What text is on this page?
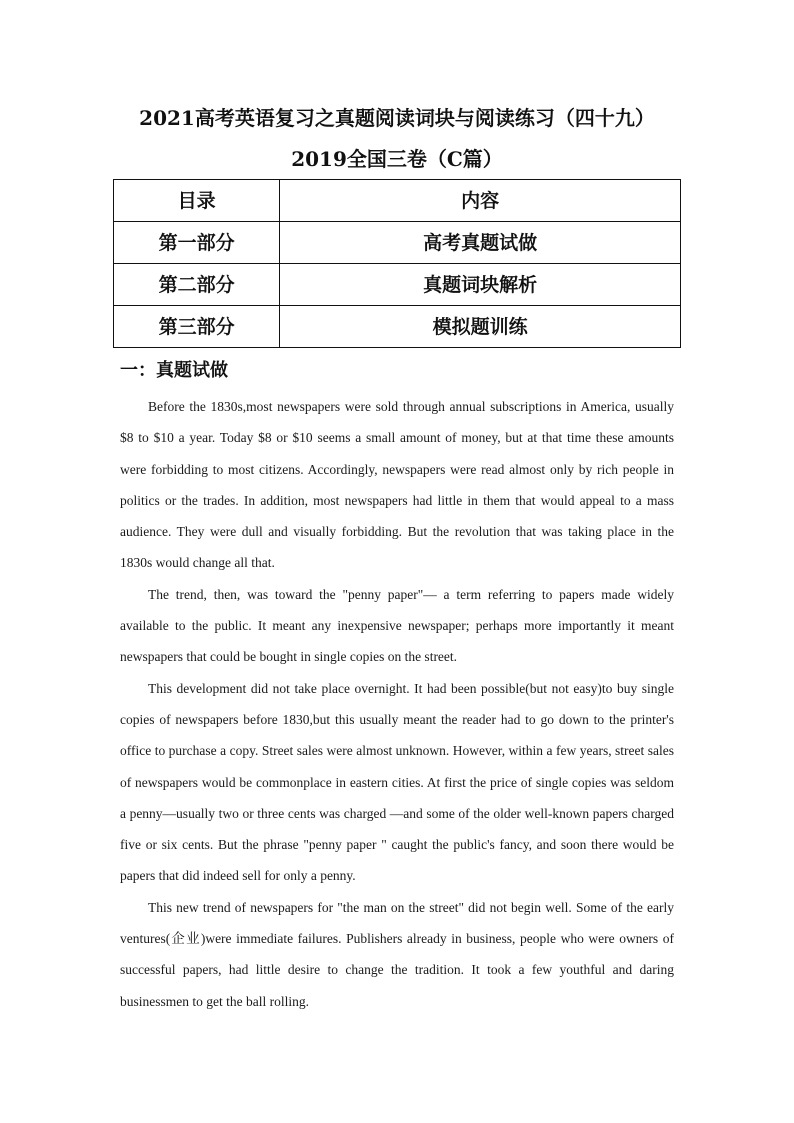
2021高考英语复习之真题阅读词块与阅读练习（四十九）
2019全国三卷（C篇）
目录	内容
第一部分	高考真题试做
第二部分	真题词块解析
第三部分	模拟题训练
一：真题试做

Before the 1830s,most newspapers were sold through annual subscriptions in America, usually $8 to $10 a year. Today $8 or $10 seems a small amount of money, but at that time these amounts were forbidding to most citizens. Accordingly, newspapers were read almost only by rich people in politics or the trades. In addition, most newspapers had little in them that would appeal to a mass audience. They were dull and visually forbidding. But the revolution that was taking place in the 1830s would change all that.

The trend, then, was toward the "penny paper"— a term referring to papers made widely available to the public. It meant any inexpensive newspaper; perhaps more importantly it meant newspapers that could be bought in single copies on the street.

This development did not take place overnight. It had been possible(but not easy)to buy single copies of newspapers before 1830,but this usually meant the reader had to go down to the printer's office to purchase a copy. Street sales were almost unknown. However, within a few years, street sales of newspapers would be commonplace in eastern cities. At first the price of single copies was seldom a penny—usually two or three cents was charged —and some of the older well-known papers charged five or six cents. But the phrase "penny paper " caught the public's fancy, and soon there would be papers that did indeed sell for only a penny.

This new trend of newspapers for "the man on the street" did not begin well. Some of the early ventures(企业)were immediate failures. Publishers already in business, people who were owners of successful papers, had little desire to change the tradition. It took a few youthful and daring businessmen to get the ball rolling.
